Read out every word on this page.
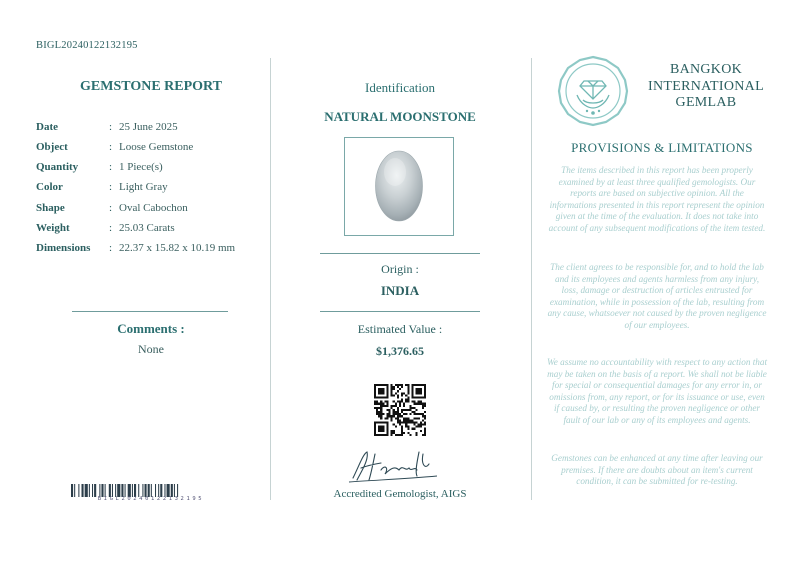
BIGL20240122132195
GEMSTONE REPORT
Date	: 25 June 2025
Object	: Loose Gemstone
Quantity	: 1 Piece(s)
Color	: Light Gray
Shape	: Oval Cabochon
Weight	: 25.03 Carats
Dimensions	: 22.37 x 15.82 x 10.19 mm
Comments :
None
BIGL20240122132195
Identification
NATURAL MOONSTONE
Origin :
INDIA
Estimated Value :
$1,376.65
Accredited Gemologist, AIGS
BANGKOK
INTERNATIONAL
GEMLAB
PROVISIONS & LIMITATIONS
The items described in this report has been properly examined by at least three qualified gemologists. Our reports are based on subjective opinion. All the informations presented in this report represent the opinion given at the time of the evaluation. It does not take into account of any subsequent modifications of the item tested.
The client agrees to be responsible for, and to hold the lab and its employees and agents harmless from any injury, loss, damage or destruction of articles entrusted for examination, while in possession of the lab, resulting from any cause, whatsoever not caused by the proven negligence of our employees.
We assume no accountability with respect to any action that may be taken on the basis of a report. We shall not be liable for special or consequential damages for any error in, or omissions from, any report, or for its issuance or use, even if caused by, or resulting the proven negligence or other fault of our lab or any of its employees and agents.
Gemstones can be enhanced at any time after leaving our premises. If there are doubts about an item's current condition, it can be submitted for re-testing.
